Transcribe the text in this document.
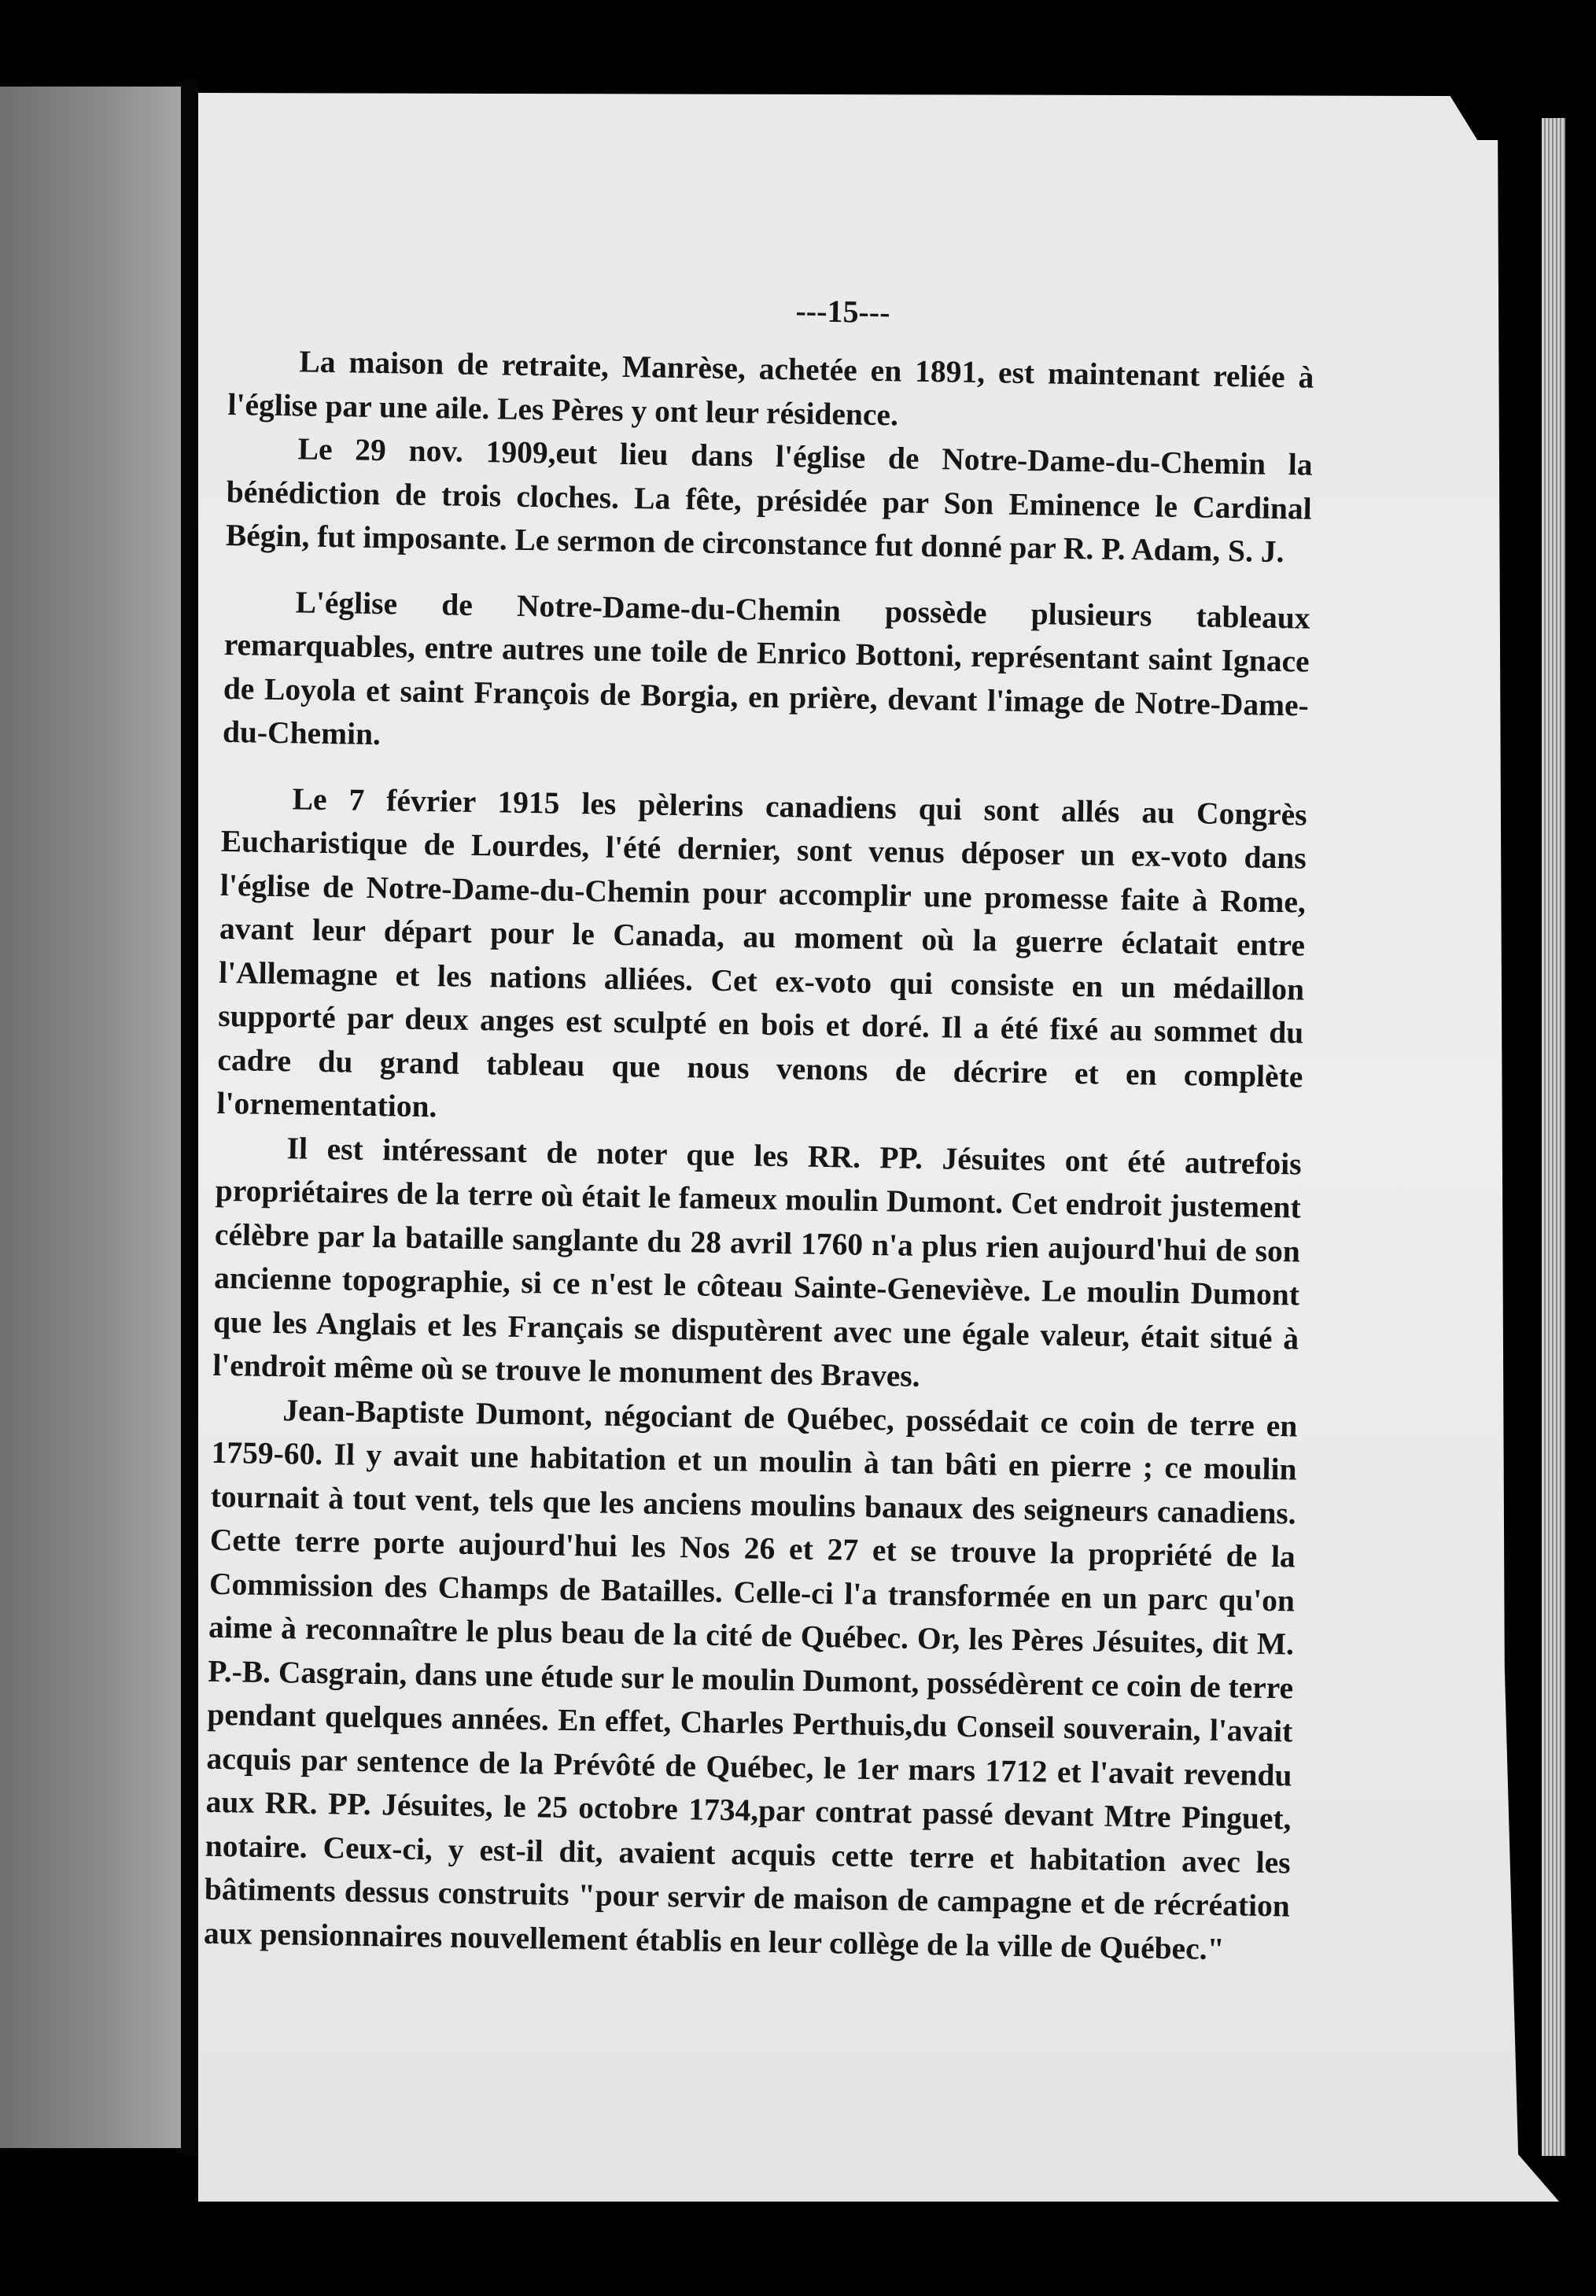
---15---

La maison de retraite, Manrèse, achetée en 1891, est maintenant reliée à l'église par une aile. Les Pères y ont leur résidence.

Le 29 nov. 1909,eut lieu dans l'église de Notre-Dame-du-Chemin la bénédiction de trois cloches. La fête, présidée par Son Eminence le Cardinal Bégin, fut imposante. Le sermon de circonstance fut donné par R. P. Adam, S. J.

L'église de Notre-Dame-du-Chemin possède plusieurs tableaux remarquables, entre autres une toile de Enrico Bottoni, représentant saint Ignace de Loyola et saint François de Borgia, en prière, devant l'image de Notre-Dame-du-Chemin.

Le 7 février 1915 les pèlerins canadiens qui sont allés au Congrès Eucharistique de Lourdes, l'été dernier, sont venus déposer un ex-voto dans l'église de Notre-Dame-du-Chemin pour accomplir une promesse faite à Rome, avant leur départ pour le Canada, au moment où la guerre éclatait entre l'Allemagne et les nations alliées. Cet ex-voto qui consiste en un médaillon supporté par deux anges est sculpté en bois et doré. Il a été fixé au sommet du cadre du grand tableau que nous venons de décrire et en complète l'ornementation.

Il est intéressant de noter que les RR. PP. Jésuites ont été autrefois propriétaires de la terre où était le fameux moulin Dumont. Cet endroit justement célèbre par la bataille sanglante du 28 avril 1760 n'a plus rien aujourd'hui de son ancienne topographie, si ce n'est le côteau Sainte-Geneviève. Le moulin Dumont que les Anglais et les Français se disputèrent avec une égale valeur, était situé à l'endroit même où se trouve le monument des Braves.

Jean-Baptiste Dumont, négociant de Québec, possédait ce coin de terre en 1759-60. Il y avait une habitation et un moulin à tan bâti en pierre ; ce moulin tournait à tout vent, tels que les anciens moulins banaux des seigneurs canadiens. Cette terre porte aujourd'hui les Nos 26 et 27 et se trouve la propriété de la Commission des Champs de Batailles. Celle-ci l'a transformée en un parc qu'on aime à reconnaître le plus beau de la cité de Québec. Or, les Pères Jésuites, dit M. P.-B. Casgrain, dans une étude sur le moulin Dumont, possédèrent ce coin de terre pendant quelques années. En effet, Charles Perthuis,du Conseil souverain, l'avait acquis par sentence de la Prévôté de Québec, le 1er mars 1712 et l'avait revendu aux RR. PP. Jésuites, le 25 octobre 1734,par contrat passé devant Mtre Pinguet, notaire. Ceux-ci, y est-il dit, avaient acquis cette terre et habitation avec les bâtiments dessus construits "pour servir de maison de campagne et de récréation aux pensionnaires nouvellement établis en leur collège de la ville de Québec."
